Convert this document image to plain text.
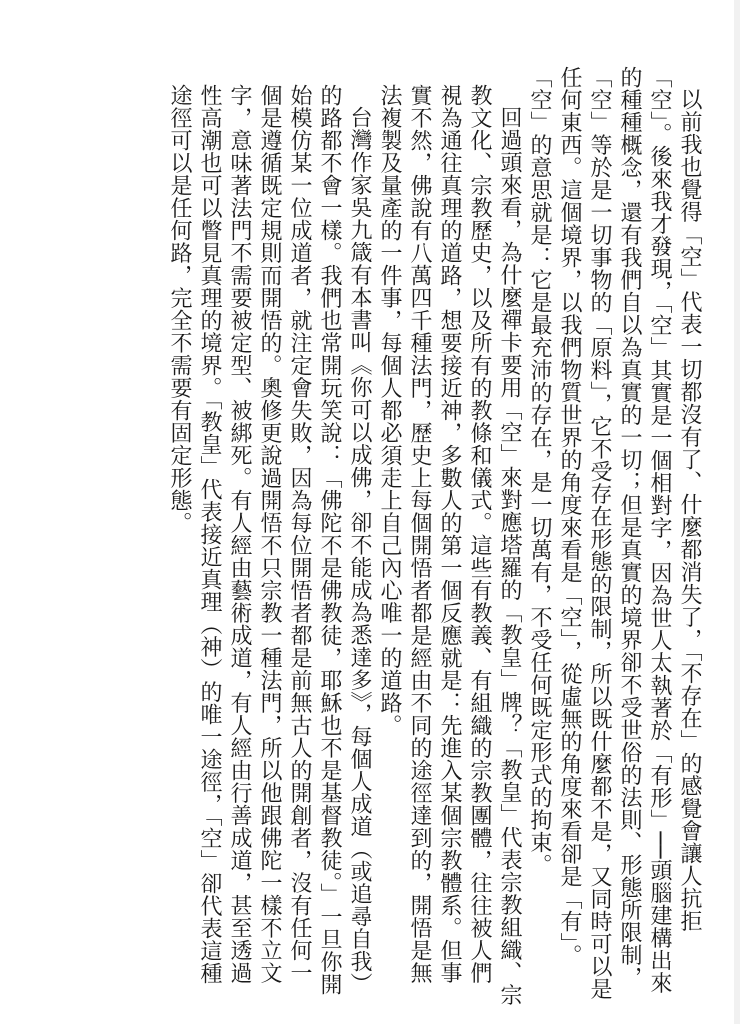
以前我也覺得「空」代表一切都沒有了、什麼都消失了，「不存在」的感覺會讓人抗拒「空」。後來我才發現，「空」其實是一個相對字，因為世人太執著於「有形」──頭腦建構出來的種種概念，還有我們自以為真實的一切；但是真實的境界卻不受世俗的法則、形態所限制，「空」等於是一切事物的「原料」，它不受存在形態的限制，所以既什麼都不是，又同時可以是任何東西。這個境界，以我們物質世界的角度來看是「空」，從虛無的角度來看卻是「有」。「空」的意思就是：它是最充沛的存在，是一切萬有，不受任何既定形式的拘束。

回過頭來看，為什麼禪卡要用「空」來對應塔羅的「教皇」牌？「教皇」代表宗教組織、宗教文化、宗教歷史，以及所有的教條和儀式。這些有教義、有組織的宗教團體，往往被人們視為通往真理的道路，想要接近神，多數人的第一個反應就是：先進入某個宗教體系。但事實不然，佛說有八萬四千種法門，歷史上每個開悟者都是經由不同的途徑達到的，開悟是無法複製及量產的一件事，每個人都必須走上自己內心唯一的道路。

台灣作家吳九箴有本書叫《你可以成佛，卻不能成為悉達多》，每個人成道（或追尋自我）的路都不會一樣。我們也常開玩笑說：「佛陀不是佛教徒，耶穌也不是基督教徒。」一旦你開始模仿某一位成道者，就注定會失敗，因為每位開悟者都是前無古人的開創者，沒有任何一個是遵循既定規則而開悟的。奧修更說過開悟不只宗教一種法門，所以他跟佛陀一樣不立文字，意味著法門不需要被定型、被綁死。有人經由藝術成道，有人經由行善成道，甚至透過性高潮也可以瞥見真理的境界。「教皇」代表接近真理（神）的唯一途徑，「空」卻代表這種途徑可以是任何路，完全不需要有固定形態。
